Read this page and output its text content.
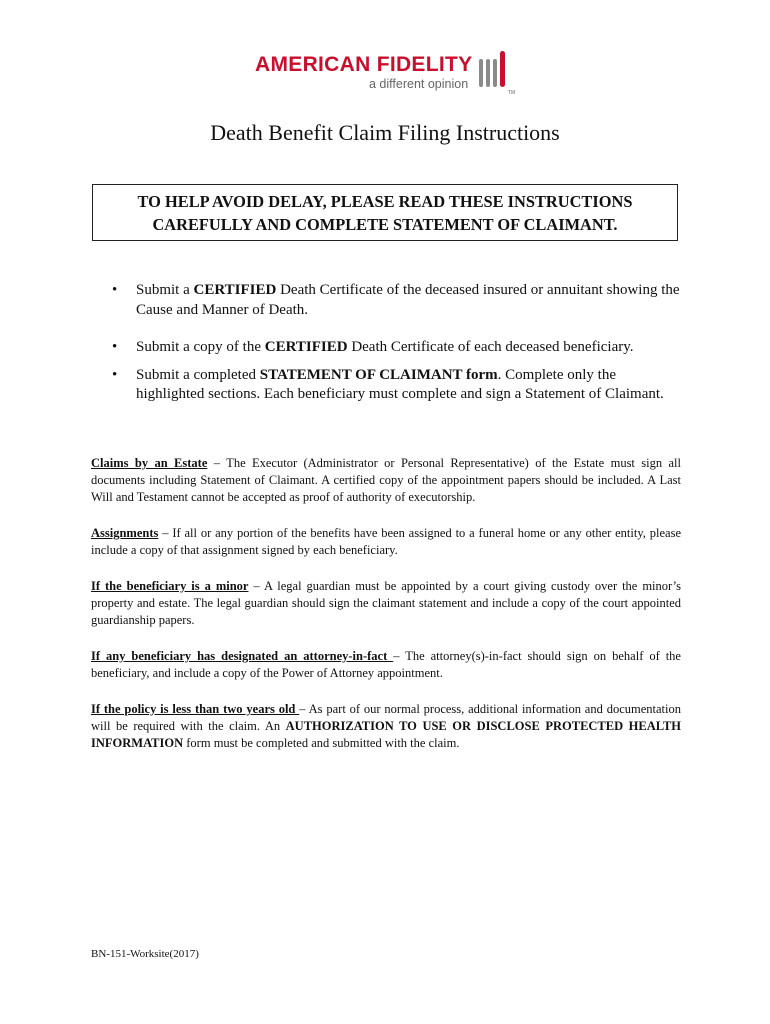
AMERICAN FIDELITY
a different opinion
TM
Death Benefit Claim Filing Instructions
TO HELP AVOID DELAY, PLEASE READ THESE INSTRUCTIONS
CAREFULLY AND COMPLETE STATEMENT OF CLAIMANT.
• Submit a CERTIFIED Death Certificate of the deceased insured or annuitant showing the Cause and Manner of Death.
• Submit a copy of the CERTIFIED Death Certificate of each deceased beneficiary.
• Submit a completed STATEMENT OF CLAIMANT form. Complete only the highlighted sections. Each beneficiary must complete and sign a Statement of Claimant.
Claims by an Estate – The Executor (Administrator or Personal Representative) of the Estate must sign all documents including Statement of Claimant. A certified copy of the appointment papers should be included. A Last Will and Testament cannot be accepted as proof of authority of executorship.
Assignments – If all or any portion of the benefits have been assigned to a funeral home or any other entity, please include a copy of that assignment signed by each beneficiary.
If the beneficiary is a minor – A legal guardian must be appointed by a court giving custody over the minor’s property and estate. The legal guardian should sign the claimant statement and include a copy of the court appointed guardianship papers.
If any beneficiary has designated an attorney-in-fact – The attorney(s)-in-fact should sign on behalf of the beneficiary, and include a copy of the Power of Attorney appointment.
If the policy is less than two years old – As part of our normal process, additional information and documentation will be required with the claim. An AUTHORIZATION TO USE OR DISCLOSE PROTECTED HEALTH INFORMATION form must be completed and submitted with the claim.
BN-151-Worksite(2017)
